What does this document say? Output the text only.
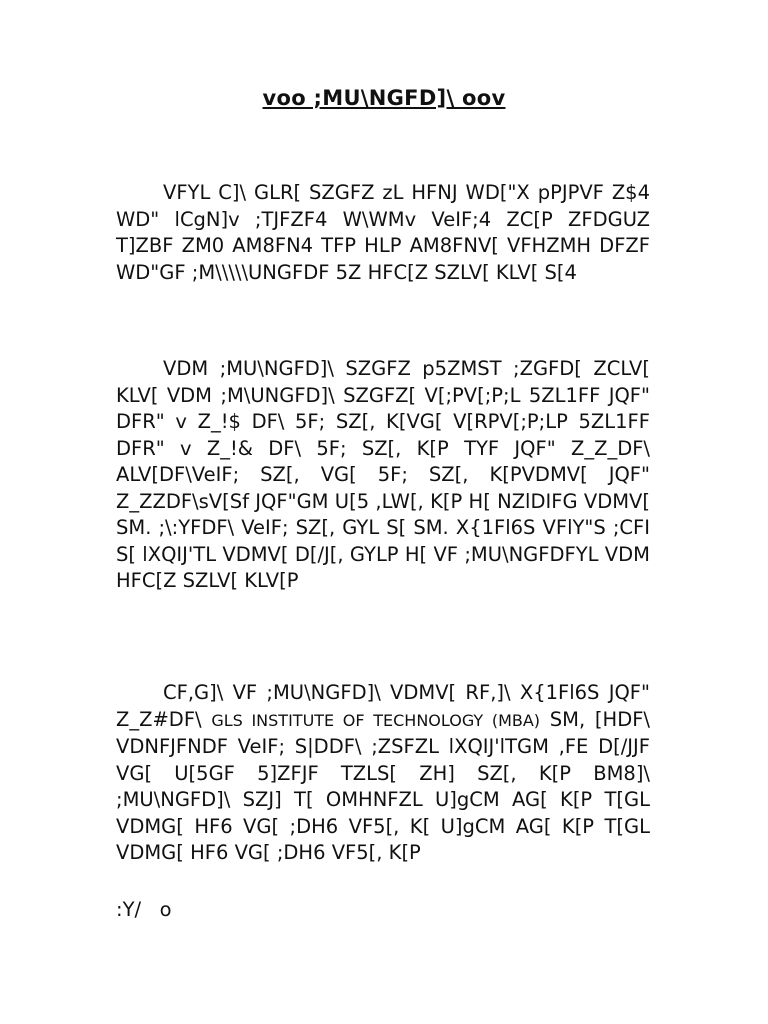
voo ;MU\NGFD]\ oov
VFYL C]\ GLR[ SZGFZ zL HFNJ WD["X pPJPVF Z$4 WD" lCgN]v ;TJFZF4 W\WMv VeIF;4 ZC[P ZFDGUZ T]ZBF ZM0 AM8FN4 TFP HLP AM8FNV[ VFHZMH DFZF WD"GF ;M\\\\\UNGFDF 5Z HFC[Z SZLV[ KLV[ S[4
VDM ;MU\NGFD]\ SZGFZ p5ZMST ;ZGFD[ ZCLV[ KLV[ VDM ;M\UNGFD]\ SZGFZ[ V[;PV[;P;L 5ZL1FF JQF" DFR" v Z_!$ DF\ 5F; SZ[, K[VG[ V[RPV[;P;LP 5ZL1FF DFR" v Z_!& DF\ 5F; SZ[, K[P TYF JQF" Z_Z_DF\ ALV[DF\VeIF; SZ[, VG[ 5F; SZ[, K[PVDMV[ JQF" Z_ZZDF\sV[Sf JQF"GM U[5 ,LW[, K[P H[ NZlDIFG VDMV[ SM. ;\:YFDF\ VeIF; SZ[, GYL S[ SM. X{1Fl6S VFlY"S ;CFI S[ lXQIJ'TL VDMV[ D[/J[, GYLP H[ VF ;MU\NGFDFYL VDM HFC[Z SZLV[ KLV[P
CF,G]\ VF ;MU\NGFD]\ VDMV[ RF,]\ X{1Fl6S JQF" Z_Z#DF\ GLS INSTITUTE OF TECHNOLOGY (MBA) SM, [HDF\ VDNFJFNDF VeIF; S|DDF\ ;ZSFZL lXQIJ'lTGM ,FE D[/JJF VG[ U[5GF 5]ZFJF TZLS[ ZH] SZ[, K[P BM8]\ ;MU\NGFD]\ SZJ] T[ OMHNFZL U]gCM AG[ K[P T[GL VDMG[ HF6 VG[ ;DH6 VF5[, K[ U]gCM AG[ K[P T[GL VDMG[ HF6 VG[ ;DH6 VF5[, K[P
:Y/   o
